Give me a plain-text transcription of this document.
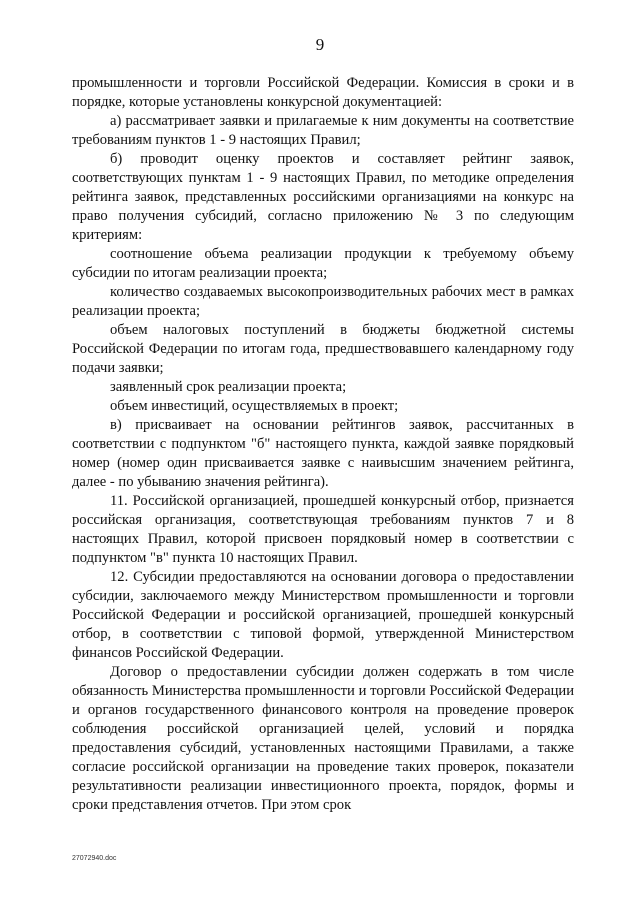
9

промышленности и торговли Российской Федерации. Комиссия в сроки и в порядке, которые установлены конкурсной документацией:

а) рассматривает заявки и прилагаемые к ним документы на соответствие требованиям пунктов 1 - 9 настоящих Правил;

б) проводит оценку проектов и составляет рейтинг заявок, соответствующих пунктам 1 - 9 настоящих Правил, по методике определения рейтинга заявок, представленных российскими организациями на конкурс на право получения субсидий, согласно приложению № 3 по следующим критериям:

соотношение объема реализации продукции к требуемому объему субсидии по итогам реализации проекта;

количество создаваемых высокопроизводительных рабочих мест в рамках реализации проекта;

объем налоговых поступлений в бюджеты бюджетной системы Российской Федерации по итогам года, предшествовавшего календарному году подачи заявки;

заявленный срок реализации проекта;

объем инвестиций, осуществляемых в проект;

в) присваивает на основании рейтингов заявок, рассчитанных в соответствии с подпунктом "б" настоящего пункта, каждой заявке порядковый номер (номер один присваивается заявке с наивысшим значением рейтинга, далее - по убыванию значения рейтинга).

11. Российской организацией, прошедшей конкурсный отбор, признается российская организация, соответствующая требованиям пунктов 7 и 8 настоящих Правил, которой присвоен порядковый номер в соответствии с подпунктом "в" пункта 10 настоящих Правил.

12. Субсидии предоставляются на основании договора о предоставлении субсидии, заключаемого между Министерством промышленности и торговли Российской Федерации и российской организацией, прошедшей конкурсный отбор, в соответствии с типовой формой, утвержденной Министерством финансов Российской Федерации.

Договор о предоставлении субсидии должен содержать в том числе обязанность Министерства промышленности и торговли Российской Федерации и органов государственного финансового контроля на проведение проверок соблюдения российской организацией целей, условий и порядка предоставления субсидий, установленных настоящими Правилами, а также согласие российской организации на проведение таких проверок, показатели результативности реализации инвестиционного проекта, порядок, формы и сроки представления отчетов. При этом срок

27072940.doc
